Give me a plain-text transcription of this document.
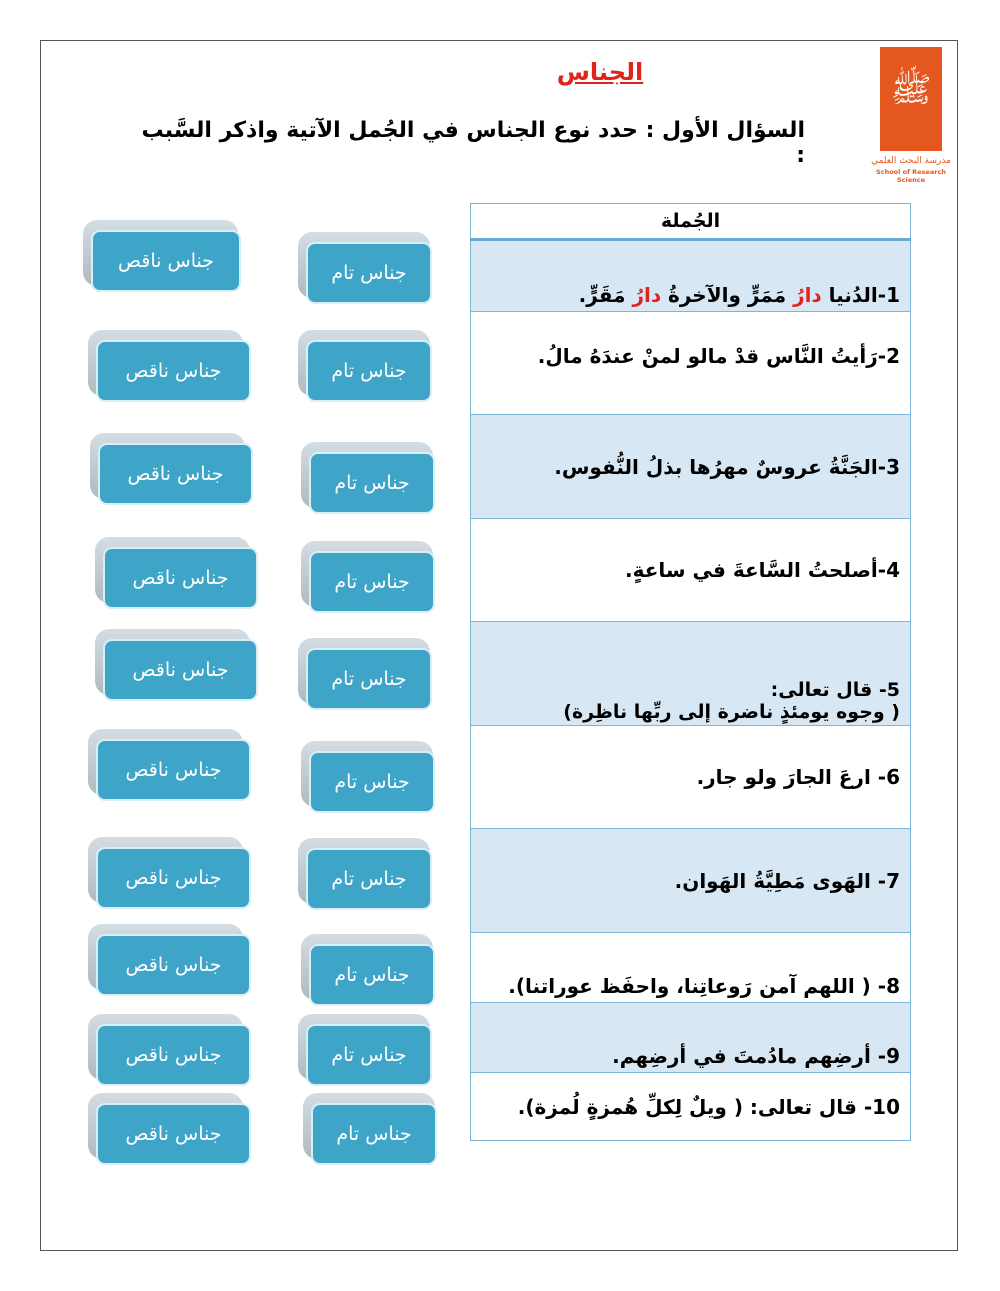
الجناس
السؤال الأول : حدد نوع الجناس في الجُمل الآتية واذكر السَّبب :
ﷺ
مدرسة البحث العلمي
School of Research Science
الجُملة
1-الدُنيا دارُ مَمَرٍّ والآخرةُ دارُ مَقَرٍّ.
2-رَأيتُ النَّاس قدْ مالو لمنْ عندَهُ مالُ.
3-الجَنَّةُ عروسٌ مهرُها بذلُ النُّفوس.
4-أصلحتُ السَّاعةَ في ساعةٍ.

5- قال تعالى:
( وجوه يومئذٍ ناضرة إلى ربِّها ناظِرة)

6- ارعَ الجارَ ولو جار.
7- الهَوى مَطِيَّةُ الهَوان.
8- ( اللهم آمن رَوعاتِنا، واحفَظ عوراتنا).
9- أرضِهم مادُمتَ في أرضِهم.
10- قال تعالى: ( ويلٌ لِكلِّ هُمزةٍ لُمزة).
جناس تام
جناس تام
جناس تام
جناس تام
جناس تام
جناس تام
جناس تام
جناس تام
جناس تام
جناس تام
جناس ناقص
جناس ناقص
جناس ناقص
جناس ناقص
جناس ناقص
جناس ناقص
جناس ناقص
جناس ناقص
جناس ناقص
جناس ناقص
